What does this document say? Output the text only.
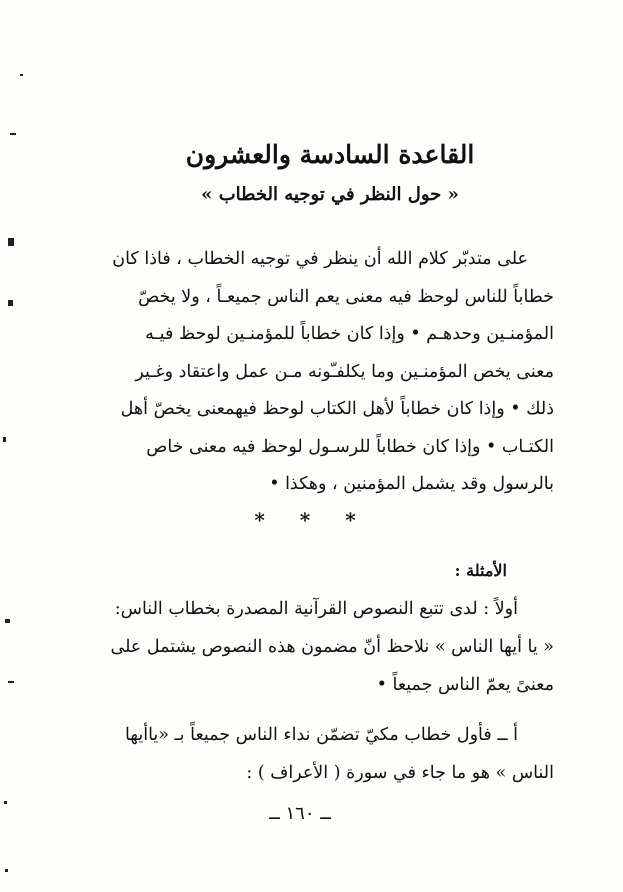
القاعدة السادسة والعشرون
« حول النظر في توجيه الخطاب »
على متدبّر كلام الله أن ينظر في توجيه الخطاب ، فاذا كان
خطاباً للناس لوحظ فيه معنى يعم الناس جميعـاً ، ولا يخصّ
المؤمنـين وحدهـم • وإذا كان خطاباً للمؤمنـين لوحظ فيـه
معنى يخص المؤمنـين وما يكلفـّونه مـن عمل واعتقاد وغـير
ذلك • وإذا كان خطاباً لأهل الكتاب لوحظ فيهمعنى يخصّ أهل
الكتـاب • وإذا كان خطاباً للرسـول لوحظ فيه معنى خاص
بالرسول وقد يشمل المؤمنين ، وهكذا •
* * *
الأمثلة :
أولاً : لدى تتبع النصوص القرآنية المصدرة بخطاب الناس:
« يا أيها الناس » نلاحظ أنّ مضمون هذه النصوص يشتمل على
معنىً يعمّ الناس جميعاً •
أ ــ فأول خطاب مكيّ تضمّن نداء الناس جميعاً بـ «ياأيها
الناس » هو ما جاء في سورة ( الأعراف ) :
ــ ١٦٠ ــ
